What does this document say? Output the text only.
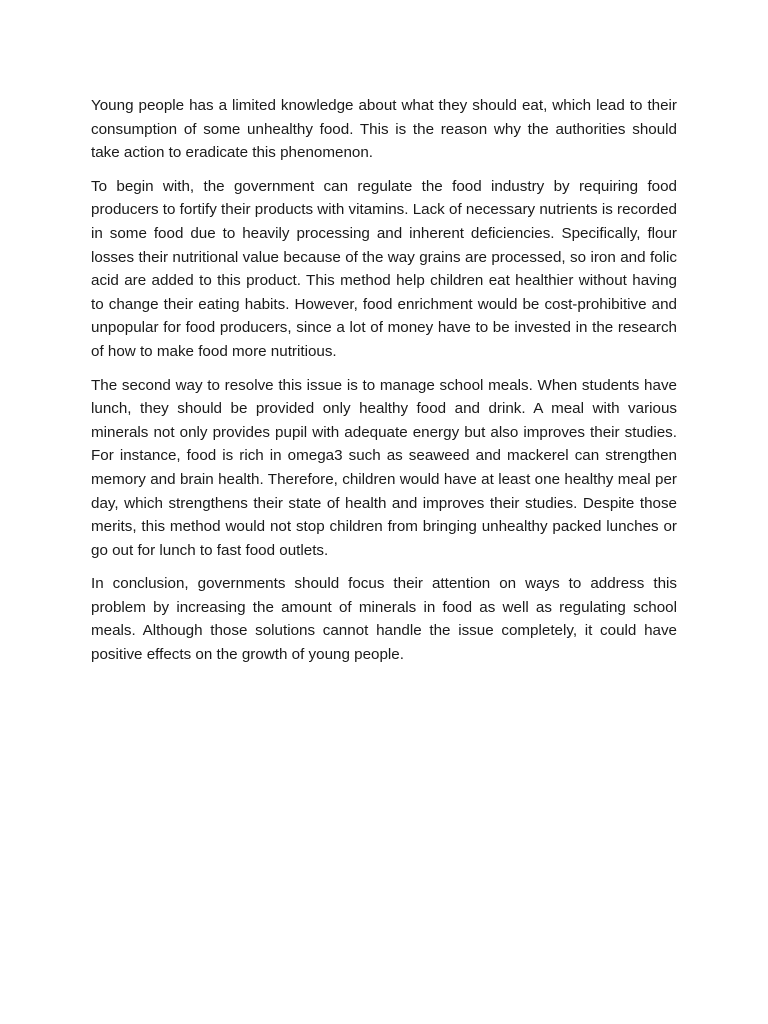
Young people has a limited knowledge about what they should eat, which lead to their consumption of some unhealthy food. This is the reason why the authorities should take action to eradicate this phenomenon.

To begin with, the government can regulate the food industry by requiring food producers to fortify their products with vitamins. Lack of necessary nutrients is recorded in some food due to heavily processing and inherent deficiencies. Specifically, flour losses their nutritional value because of the way grains are processed, so iron and folic acid are added to this product. This method help children eat healthier without having to change their eating habits. However, food enrichment would be cost-prohibitive and unpopular for food producers, since a lot of money have to be invested in the research of how to make food more nutritious.

The second way to resolve this issue is to manage school meals. When students have lunch, they should be provided only healthy food and drink. A meal with various minerals not only provides pupil with adequate energy but also improves their studies.  For instance, food is rich in omega3 such as seaweed and mackerel can strengthen memory and brain health. Therefore, children would have at least one healthy meal per day, which strengthens their state of health and improves their studies. Despite those merits, this method would not stop children from bringing unhealthy packed lunches or go out for lunch to fast food outlets.

In conclusion, governments should focus their attention on ways to address this problem by increasing the amount of minerals in food as well as regulating school meals. Although those solutions cannot handle the issue completely, it could have positive effects on the growth of young people.
